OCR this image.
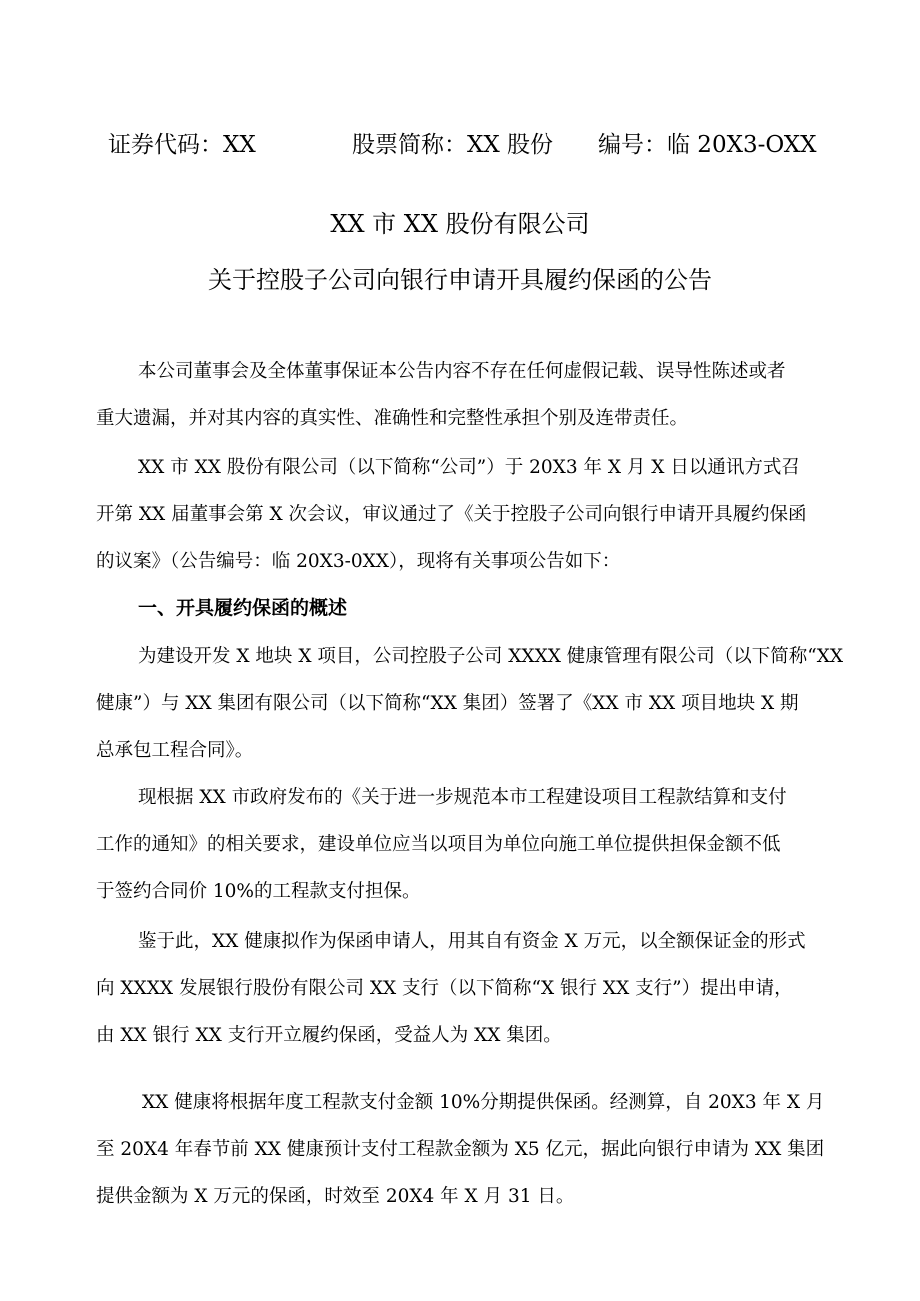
证券代码：XX	股票简称：XX 股份 编号：临 20X3-OXX
XX 市 XX 股份有限公司
关于控股子公司向银行申请开具履约保函的公告

本公司董事会及全体董事保证本公告内容不存在任何虚假记载、误导性陈述或者
重大遗漏，并对其内容的真实性、准确性和完整性承担个别及连带责任。

XX 市 XX 股份有限公司（以下简称“公司”）于 20X3 年 X 月 X 日以通讯方式召
开第 XX 届董事会第 X 次会议，审议通过了《关于控股子公司向银行申请开具履约保函
的议案》（公告编号：临 20X3-0XX），现将有关事项公告如下：

一、开具履约保函的概述

为建设开发 X 地块 X 项目，公司控股子公司 XXXX 健康管理有限公司（以下简称“XX
健康”）与 XX 集团有限公司（以下简称“XX 集团）签署了《XX 市 XX 项目地块 X 期
总承包工程合同》。

现根据 XX 市政府发布的《关于进一步规范本市工程建设项目工程款结算和支付
工作的通知》的相关要求，建设单位应当以项目为单位向施工单位提供担保金额不低
于签约合同价 10%的工程款支付担保。

鉴于此，XX 健康拟作为保函申请人，用其自有资金 X 万元，以全额保证金的形式
向 XXXX 发展银行股份有限公司 XX 支行（以下简称“X 银行 XX 支行”）提出申请，
由 XX 银行 XX 支行开立履约保函，受益人为 XX 集团。

XX 健康将根据年度工程款支付金额 10%分期提供保函。经测算，自 20X3 年 X 月
至 20X4 年春节前 XX 健康预计支付工程款金额为 X5 亿元，据此向银行申请为 XX 集团
提供金额为 X 万元的保函，时效至 20X4 年 X 月 31 日。
